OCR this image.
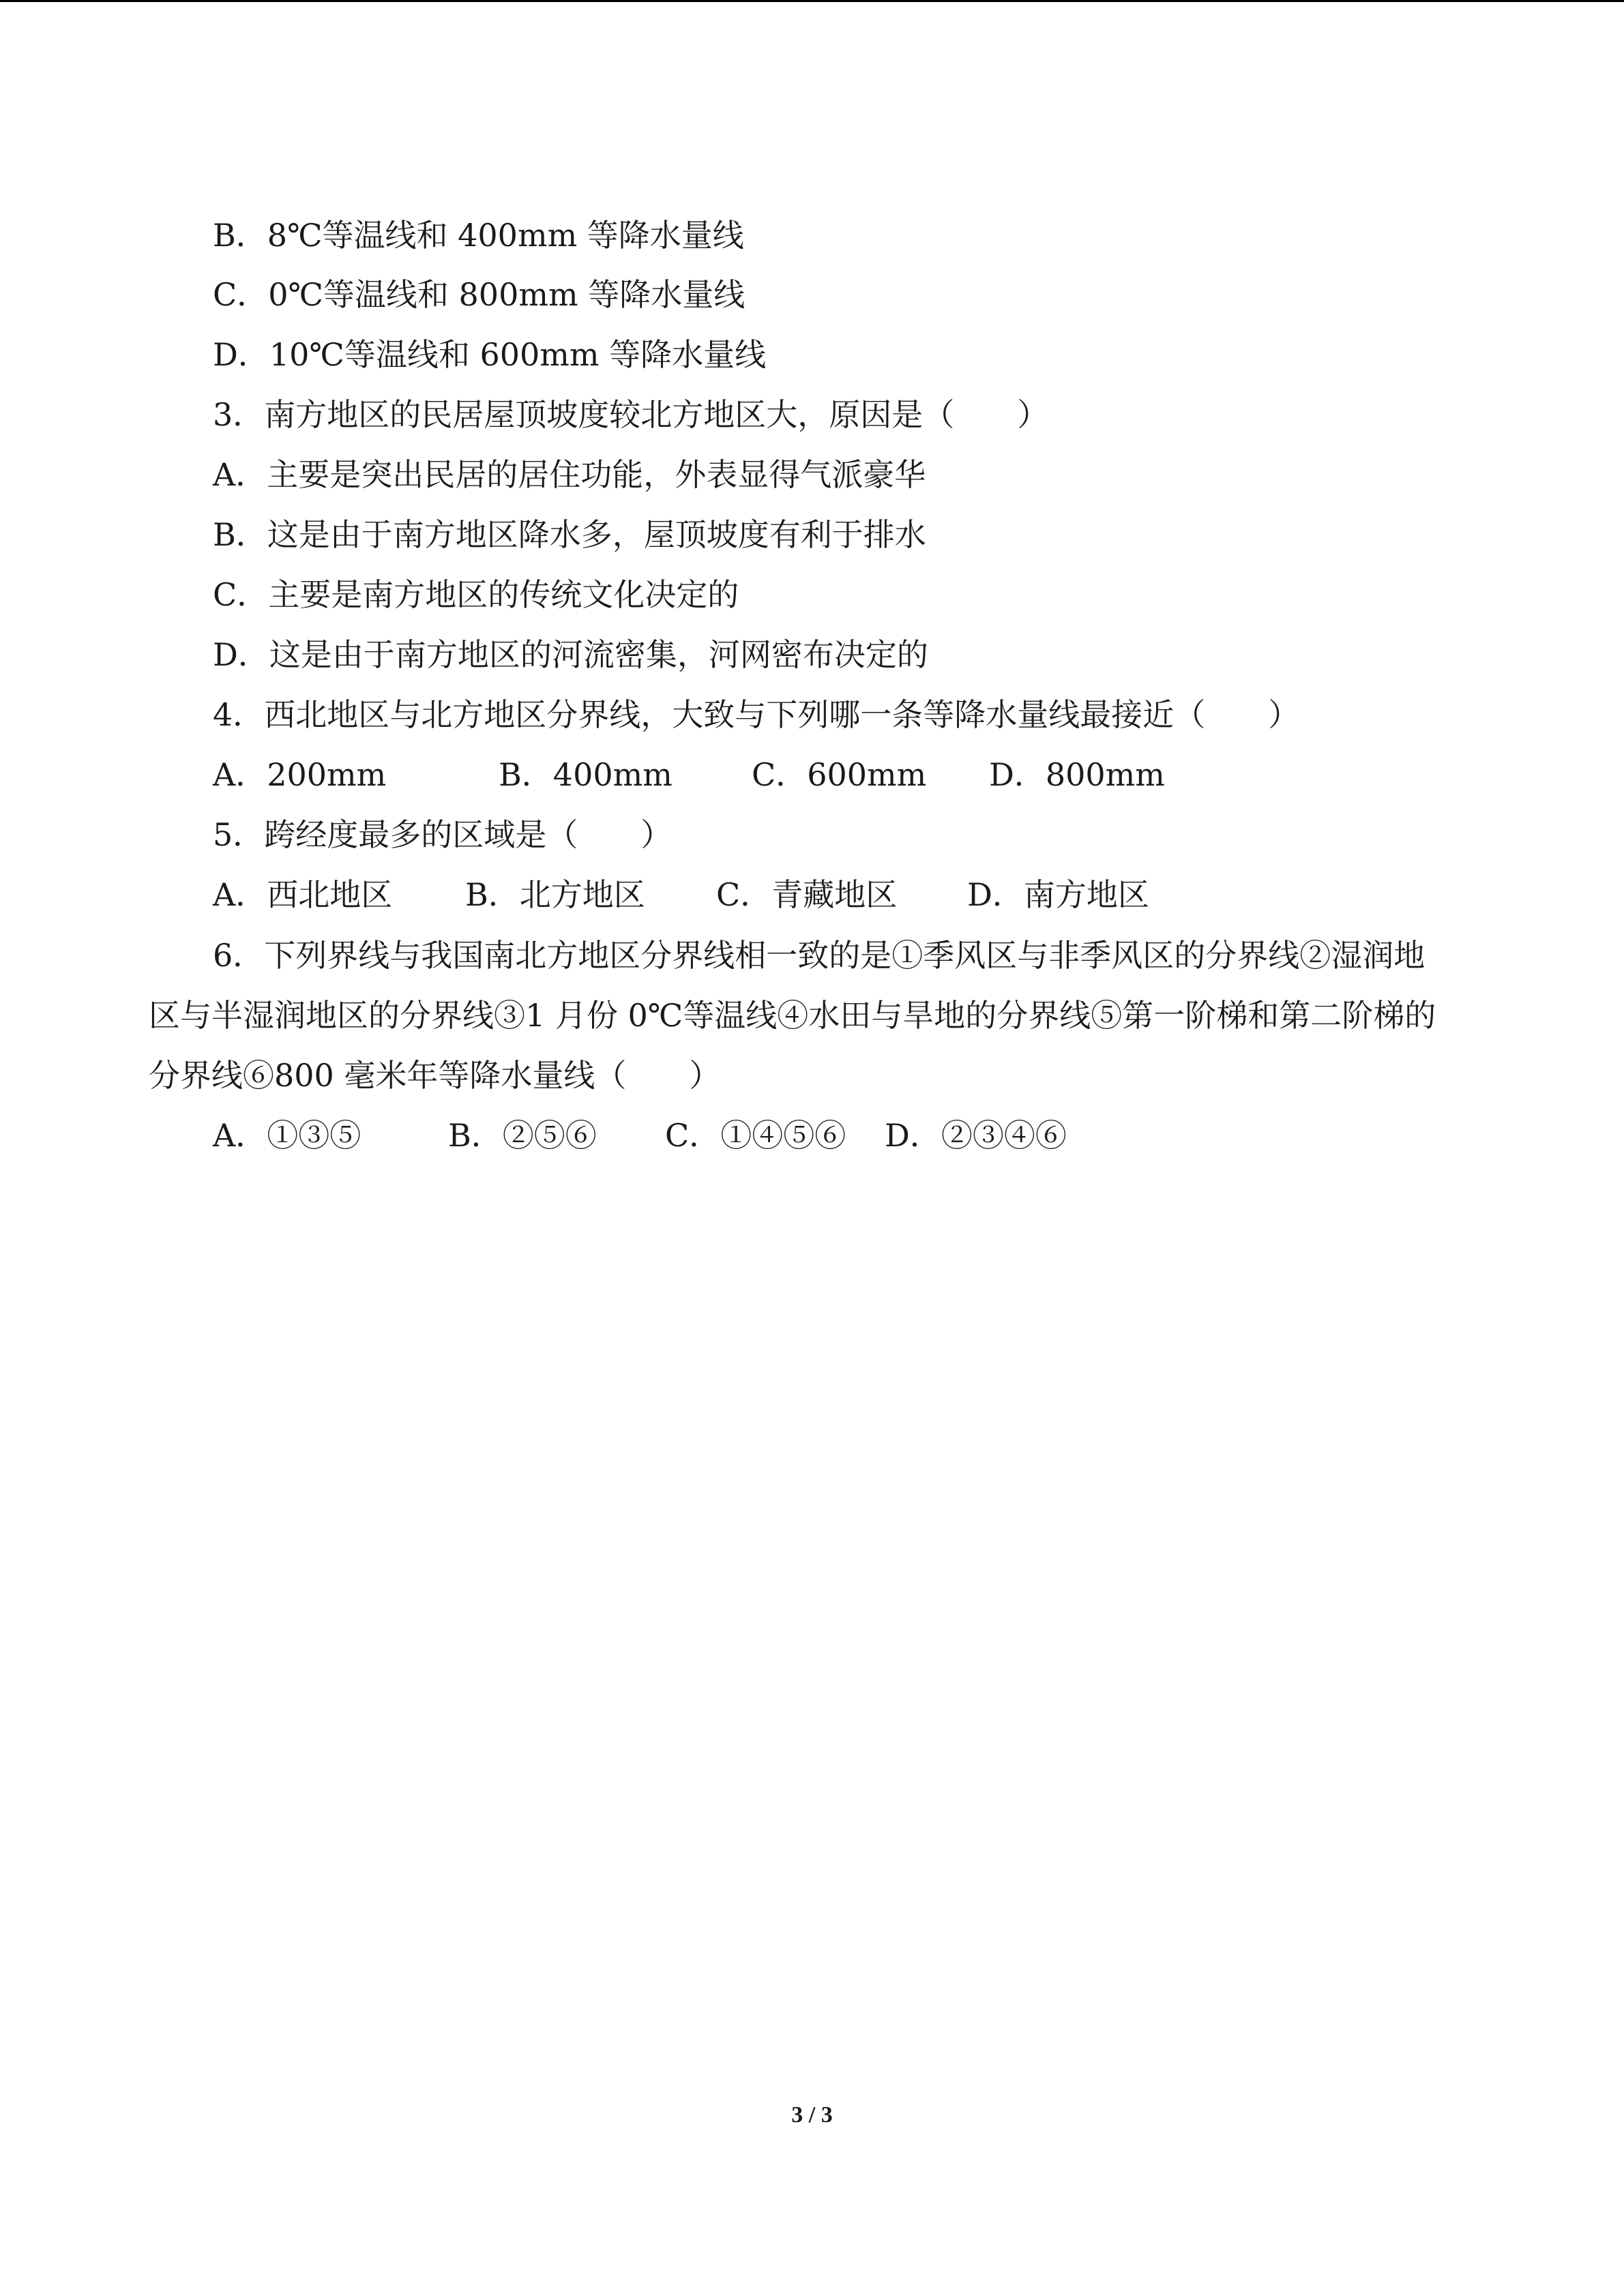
B．8℃等温线和 400mm 等降水量线
C．0℃等温线和 800mm 等降水量线
D．10℃等温线和 600mm 等降水量线
3．南方地区的民居屋顶坡度较北方地区大，原因是（　　）
A．主要是突出民居的居住功能，外表显得气派豪华
B．这是由于南方地区降水多，屋顶坡度有利于排水
C．主要是南方地区的传统文化决定的
D．这是由于南方地区的河流密集，河网密布决定的
4．西北地区与北方地区分界线，大致与下列哪一条等降水量线最接近（　　）
A．200mm	B．400mm	C．600mm D．800mm
5．跨经度最多的区域是（　　）
A．西北地区 B．北方地区 C．青藏地区 D．南方地区
6．下列界线与我国南北方地区分界线相一致的是①季风区与非季风区的分界线②湿润地
区与半湿润地区的分界线③1 月份 0℃等温线④水田与旱地的分界线⑤第一阶梯和第二阶梯的
分界线⑥800 毫米年等降水量线（　　）
A．①③⑤	B．②⑤⑥ C．①④⑤⑥ D．②③④⑥
3 / 3
